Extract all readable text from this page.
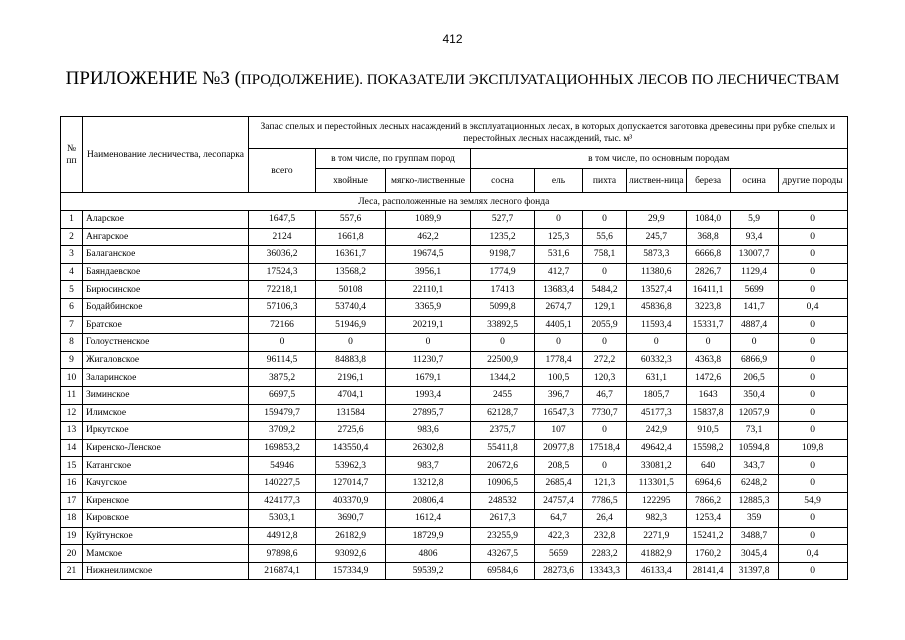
412
ПРИЛОЖЕНИЕ №3 (ПРОДОЛЖЕНИЕ). ПОКАЗАТЕЛИ ЭКСПЛУАТАЦИОННЫХ ЛЕСОВ ПО ЛЕСНИЧЕСТВАМ
№ пп	Наименование лесничества, лесопарка	Запас спелых и перестойных лесных насаждений в эксплуатационных лесах, в которых допускается заготовка древесины при рубке спелых и перестойных лесных насаждений, тыс. м³									
		всего	в том числе, по группам пород		в том числе, по основным породам						
			хвойные	мягко-лиственные	сосна	ель	пихта	листвен-ница	береза	осина	другие породы
Леса, расположенные на землях лесного фонда											
1	Аларское	1647,5	557,6	1089,9	527,7	0	0	29,9	1084,0	5,9	0
2	Ангарское	2124	1661,8	462,2	1235,2	125,3	55,6	245,7	368,8	93,4	0
3	Балаганское	36036,2	16361,7	19674,5	9198,7	531,6	758,1	5873,3	6666,8	13007,7	0
4	Баяндаевское	17524,3	13568,2	3956,1	1774,9	412,7	0	11380,6	2826,7	1129,4	0
5	Бирюсинское	72218,1	50108	22110,1	17413	13683,4	5484,2	13527,4	16411,1	5699	0
6	Бодайбинское	57106,3	53740,4	3365,9	5099,8	2674,7	129,1	45836,8	3223,8	141,7	0,4
7	Братское	72166	51946,9	20219,1	33892,5	4405,1	2055,9	11593,4	15331,7	4887,4	0
8	Голоустненское	0	0	0	0	0	0	0	0	0	0
9	Жигаловское	96114,5	84883,8	11230,7	22500,9	1778,4	272,2	60332,3	4363,8	6866,9	0
10	Заларинское	3875,2	2196,1	1679,1	1344,2	100,5	120,3	631,1	1472,6	206,5	0
11	Зиминское	6697,5	4704,1	1993,4	2455	396,7	46,7	1805,7	1643	350,4	0
12	Илимское	159479,7	131584	27895,7	62128,7	16547,3	7730,7	45177,3	15837,8	12057,9	0
13	Иркутское	3709,2	2725,6	983,6	2375,7	107	0	242,9	910,5	73,1	0
14	Киренско-Ленское	169853,2	143550,4	26302,8	55411,8	20977,8	17518,4	49642,4	15598,2	10594,8	109,8
15	Катангское	54946	53962,3	983,7	20672,6	208,5	0	33081,2	640	343,7	0
16	Качугское	140227,5	127014,7	13212,8	10906,5	2685,4	121,3	113301,5	6964,6	6248,2	0
17	Киренское	424177,3	403370,9	20806,4	248532	24757,4	7786,5	122295	7866,2	12885,3	54,9
18	Кировское	5303,1	3690,7	1612,4	2617,3	64,7	26,4	982,3	1253,4	359	0
19	Куйтунское	44912,8	26182,9	18729,9	23255,9	422,3	232,8	2271,9	15241,2	3488,7	0
20	Мамское	97898,6	93092,6	4806	43267,5	5659	2283,2	41882,9	1760,2	3045,4	0,4
21	Нижнеилимское	216874,1	157334,9	59539,2	69584,6	28273,6	13343,3	46133,4	28141,4	31397,8	0
